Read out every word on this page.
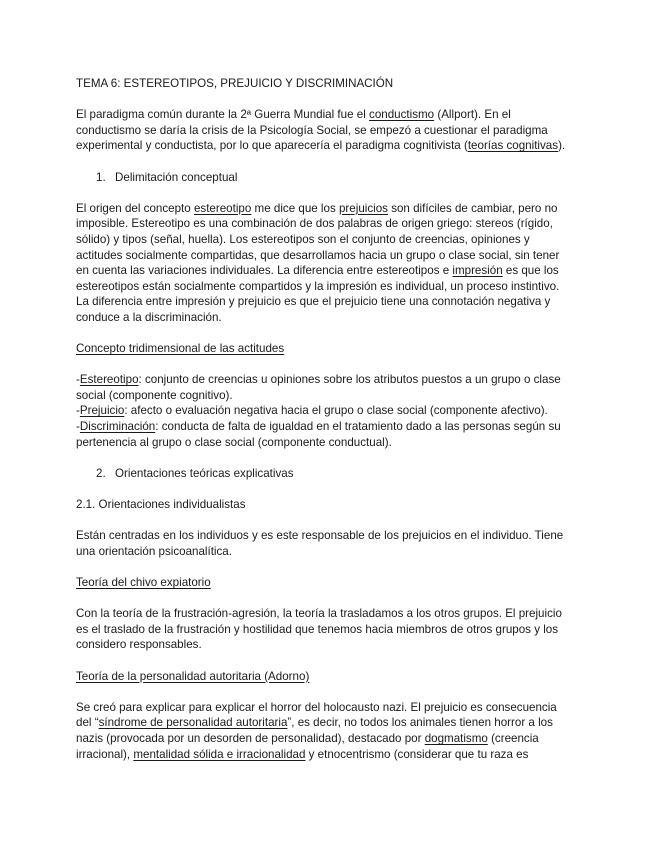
TEMA 6: ESTEREOTIPOS, PREJUICIO Y DISCRIMINACIÓN

El paradigma común durante la 2ª Guerra Mundial fue el conductismo (Allport). En el conductismo se daría la crisis de la Psicología Social, se empezó a cuestionar el paradigma experimental y conductista, por lo que aparecería el paradigma cognitivista (teorías cognitivas).

1. Delimitación conceptual

El origen del concepto estereotipo me dice que los prejuicios son difíciles de cambiar, pero no imposible. Estereotipo es una combinación de dos palabras de origen griego: stereos (rígido, sólido) y tipos (señal, huella). Los estereotipos son el conjunto de creencias, opiniones y actitudes socialmente compartidas, que desarrollamos hacia un grupo o clase social, sin tener en cuenta las variaciones individuales. La diferencia entre estereotipos e impresión es que los estereotipos están socialmente compartidos y la impresión es individual, un proceso instintivo. La diferencia entre impresión y prejuicio es que el prejuicio tiene una connotación negativa y conduce a la discriminación.

Concepto tridimensional de las actitudes

-Estereotipo: conjunto de creencias u opiniones sobre los atributos puestos a un grupo o clase social (componente cognitivo).

-Prejuicio: afecto o evaluación negativa hacia el grupo o clase social (componente afectivo).

-Discriminación: conducta de falta de igualdad en el tratamiento dado a las personas según su pertenencia al grupo o clase social (componente conductual).

2. Orientaciones teóricas explicativas

2.1. Orientaciones individualistas

Están centradas en los individuos y es este responsable de los prejuicios en el individuo. Tiene una orientación psicoanalítica.

Teoría del chivo expiatorio

Con la teoría de la frustración-agresión, la teoría la trasladamos a los otros grupos. El prejuicio es el traslado de la frustración y hostilidad que tenemos hacia miembros de otros grupos y los considero responsables.

Teoría de la personalidad autoritaria (Adorno)

Se creó para explicar para explicar el horror del holocausto nazi. El prejuicio es consecuencia del “síndrome de personalidad autoritaria”, es decir, no todos los animales tienen horror a los nazis (provocada por un desorden de personalidad), destacado por dogmatismo (creencia irracional), mentalidad sólida e irracionalidad y etnocentrismo (considerar que tu raza es
